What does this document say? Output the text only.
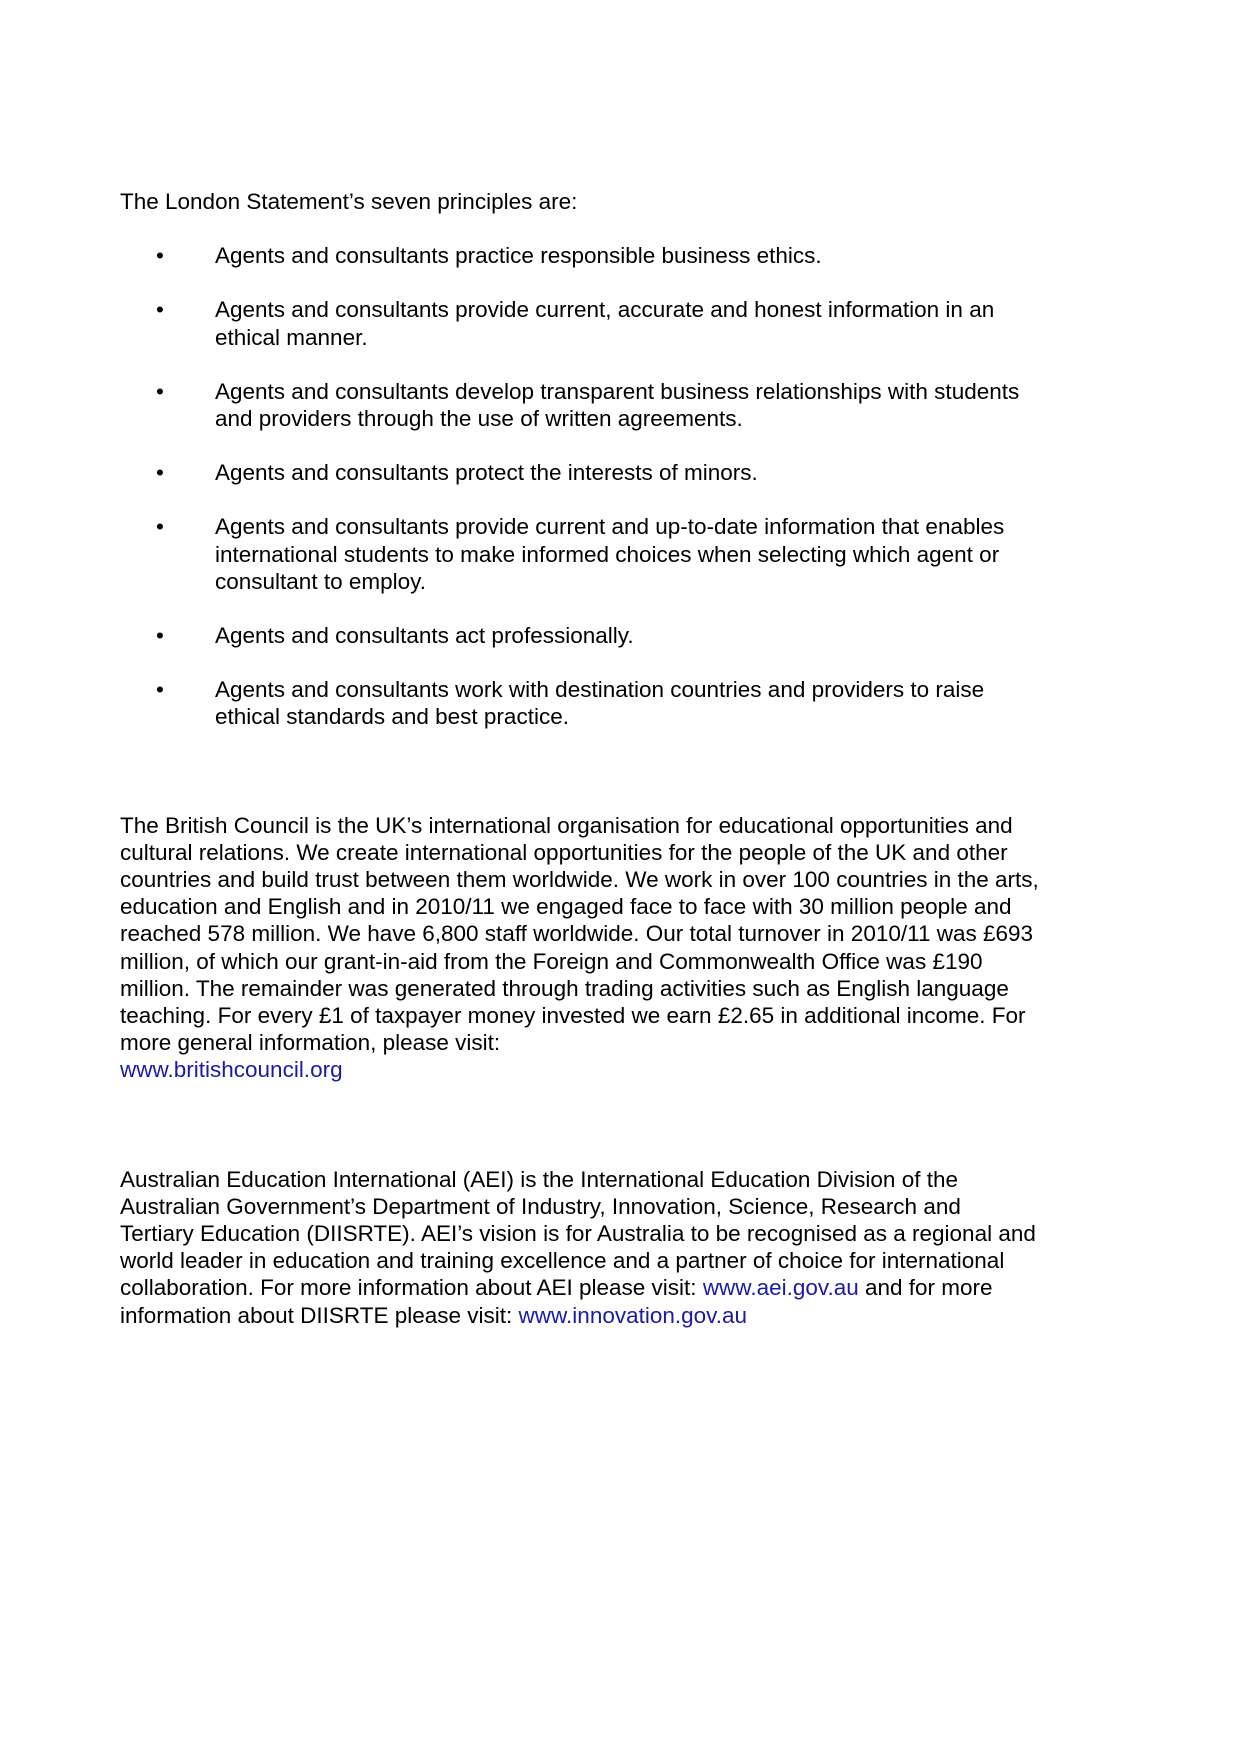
The London Statement’s seven principles are:

• Agents and consultants practice responsible business ethics.
• Agents and consultants provide current, accurate and honest information in an ethical manner.
• Agents and consultants develop transparent business relationships with students and providers through the use of written agreements.
• Agents and consultants protect the interests of minors.
• Agents and consultants provide current and up-to-date information that enables international students to make informed choices when selecting which agent or consultant to employ.
• Agents and consultants act professionally.
• Agents and consultants work with destination countries and providers to raise ethical standards and best practice.

The British Council is the UK’s international organisation for educational opportunities and cultural relations. We create international opportunities for the people of the UK and other countries and build trust between them worldwide. We work in over 100 countries in the arts, education and English and in 2010/11 we engaged face to face with 30 million people and reached 578 million. We have 6,800 staff worldwide. Our total turnover in 2010/11 was £693 million, of which our grant-in-aid from the Foreign and Commonwealth Office was £190 million. The remainder was generated through trading activities such as English language teaching. For every £1 of taxpayer money invested we earn £2.65 in additional income. For more general information, please visit:
www.britishcouncil.org

Australian Education International (AEI) is the International Education Division of the Australian Government’s Department of Industry, Innovation, Science, Research and Tertiary Education (DIISRTE). AEI’s vision is for Australia to be recognised as a regional and world leader in education and training excellence and a partner of choice for international collaboration. For more information about AEI please visit: www.aei.gov.au and for more information about DIISRTE please visit: www.innovation.gov.au
